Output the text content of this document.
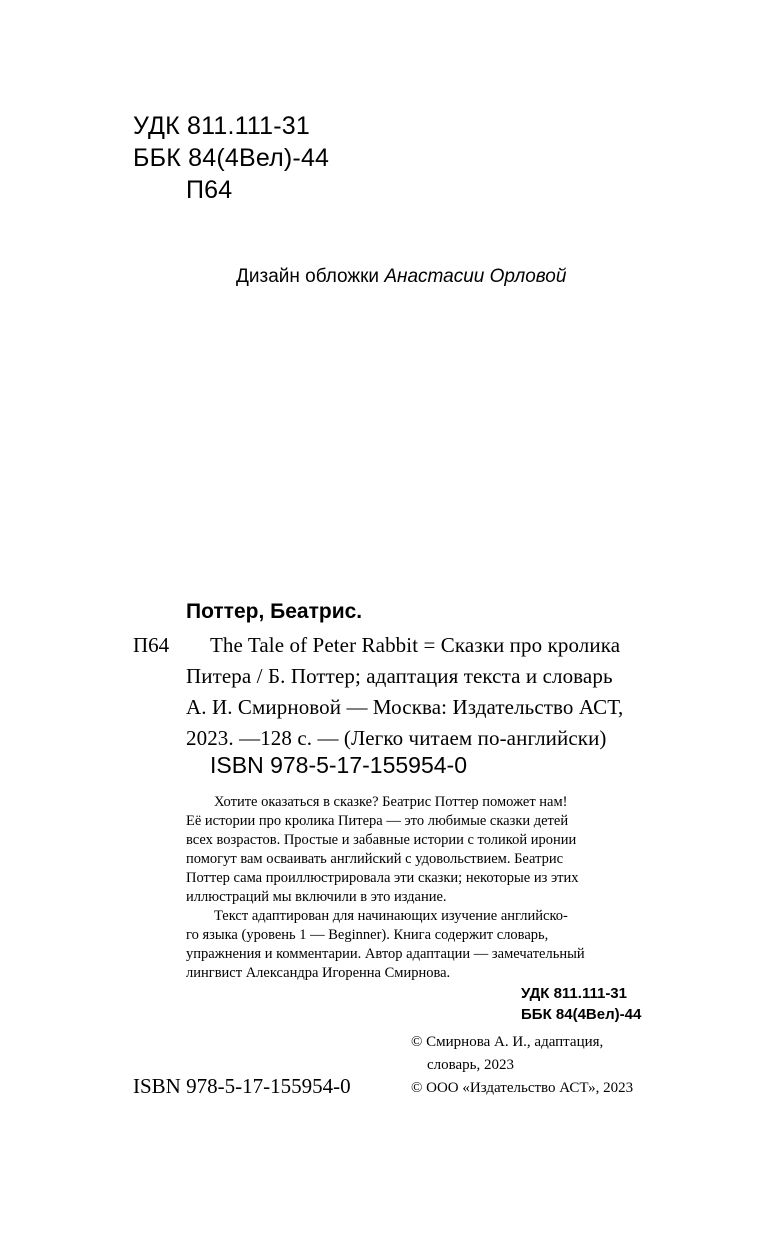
УДК 811.111-31
ББК 84(4Вел)-44
П64
Дизайн обложки Анастасии Орловой
Поттер, Беатрис.
П64	The Tale of Peter Rabbit = Сказки про кролика
Питера / Б. Поттер; адаптация текста и словарь
А. И. Смирновой — Москва: Издательство АСТ,
2023. —128 с. — (Легко читаем по-английски)
ISBN 978-5-17-155954-0
Хотите оказаться в сказке? Беатрис Поттер поможет нам!
Её истории про кролика Питера — это любимые сказки детей
всех возрастов. Простые и забавные истории с толикой иронии
помогут вам осваивать английский с удовольствием. Беатрис
Поттер сама проиллюстрировала эти сказки; некоторые из этих
иллюстраций мы включили в это издание.
Текст адаптирован для начинающих изучение английско-
го языка (уровень 1 — Beginner). Книга содержит словарь,
упражнения и комментарии. Автор адаптации — замечательный
лингвист Александра Игоренна Смирнова.
УДК 811.111-31
ББК 84(4Вел)-44
© Смирнова А. И., адаптация,
словарь, 2023
© ООО «Издательство АСТ», 2023
ISBN 978-5-17-155954-0
